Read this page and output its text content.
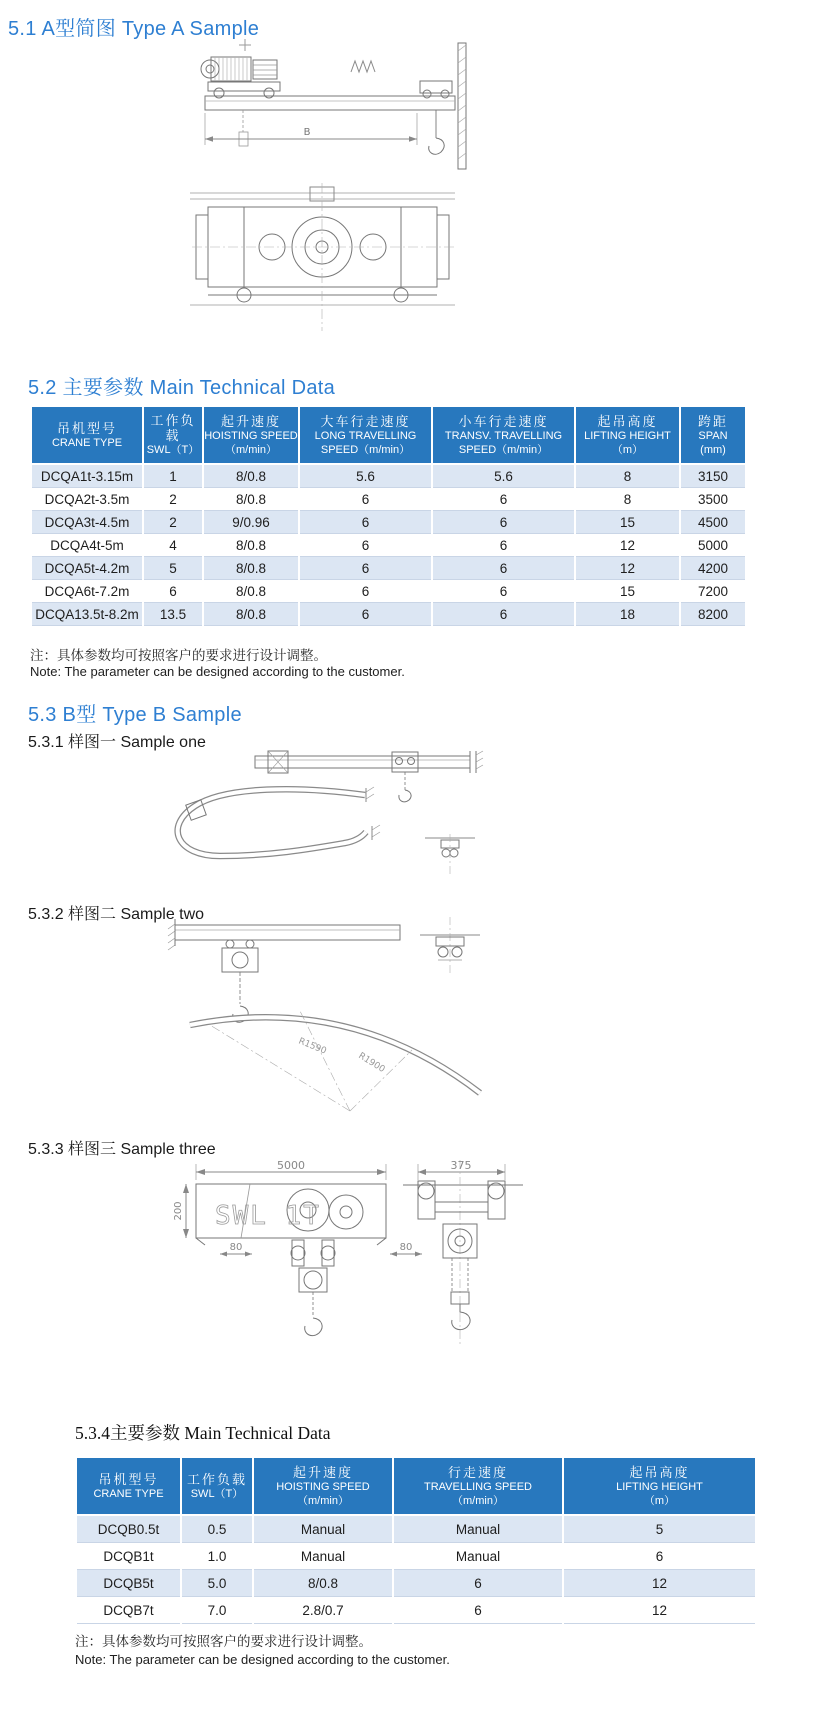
5.1 A型简图 Type A Sample
B
5.2 主要参数 Main Technical Data
吊机型号
CRANE TYPE

工作负载
SWL（T）

起升速度
HOISTING SPEED
（m/min）

大车行走速度
LONG TRAVELLING
SPEED（m/min）

小车行走速度
TRANSV. TRAVELLING
SPEED（m/min）

起吊高度
LIFTING HEIGHT
（m）

跨距
SPAN
(mm)

DCQA1t-3.15m	1	8/0.8	5.6	5.6	8	3150
DCQA2t-3.5m	2	8/0.8	6	6	8	3500
DCQA3t-4.5m	2	9/0.96	6	6	15	4500
DCQA4t-5m	4	8/0.8	6	6	12	5000
DCQA5t-4.2m	5	8/0.8	6	6	12	4200
DCQA6t-7.2m	6	8/0.8	6	6	15	7200
DCQA13.5t-8.2m	13.5	8/0.8	6	6	18	8200
注：具体参数均可按照客户的要求进行设计调整。
Note: The parameter can be designed according to the customer.
5.3 B型 Type B Sample
5.3.1 样图一 Sample one
5.3.2 样图二 Sample two
R1590
R1900
5.3.3 样图三 Sample three
5000
200
80	80
375
SWL 1T
5.3.4主要参数 Main Technical Data
吊机型号
CRANE TYPE

工作负载
SWL（T）

起升速度
HOISTING SPEED
（m/min）

行走速度
TRAVELLING SPEED
（m/min）

起吊高度
LIFTING HEIGHT
（m）

DCQB0.5t	0.5	Manual	Manual	5
DCQB1t	1.0	Manual	Manual	6
DCQB5t	5.0	8/0.8	6	12
DCQB7t	7.0	2.8/0.7	6	12
注：具体参数均可按照客户的要求进行设计调整。
Note: The parameter can be designed according to the customer.
